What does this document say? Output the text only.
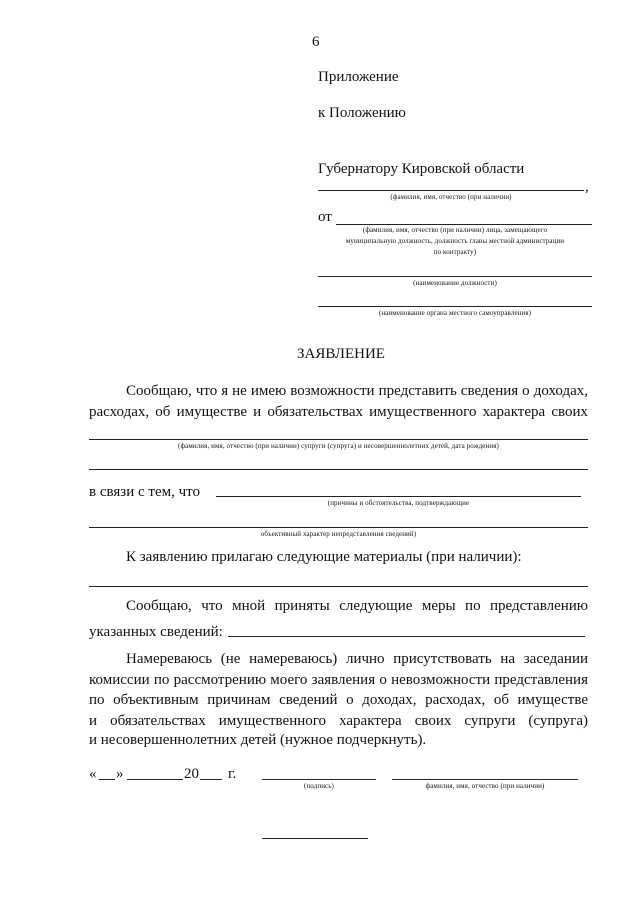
6
Приложение
к Положению
Губернатору Кировской области
,
(фамилия, имя, отчество (при наличии)
от
(фамилия, имя, отчество (при наличии) лица, замещающего
муниципальную должность, должность главы местной администрации
по контракту)
(наименование должности)
(наименование органа местного самоуправления)
ЗАЯВЛЕНИЕ
Сообщаю, что я не имею возможности представить сведения о доходах,
расходах, об имуществе и обязательствах имущественного характера своих
(фамилия, имя, отчество (при наличии) супруги (супруга) и несовершеннолетних детей, дата рождения)
в связи с тем, что
(причины и обстоятельства, подтверждающие
объективный характер непредставления сведений)
К заявлению прилагаю следующие материалы (при наличии):
Сообщаю, что мной приняты следующие меры по представлению
указанных сведений:
Намереваюсь (не намереваюсь) лично присутствовать на заседании
комиссии по рассмотрению моего заявления о невозможности представления
по объективным причинам сведений о доходах, расходах, об имуществе
и обязательствах имущественного характера своих супруги (супруга)
и несовершеннолетних детей (нужное подчеркнуть).
« »	20 г.
(подпись)	фамилия, имя, отчество (при наличии)
